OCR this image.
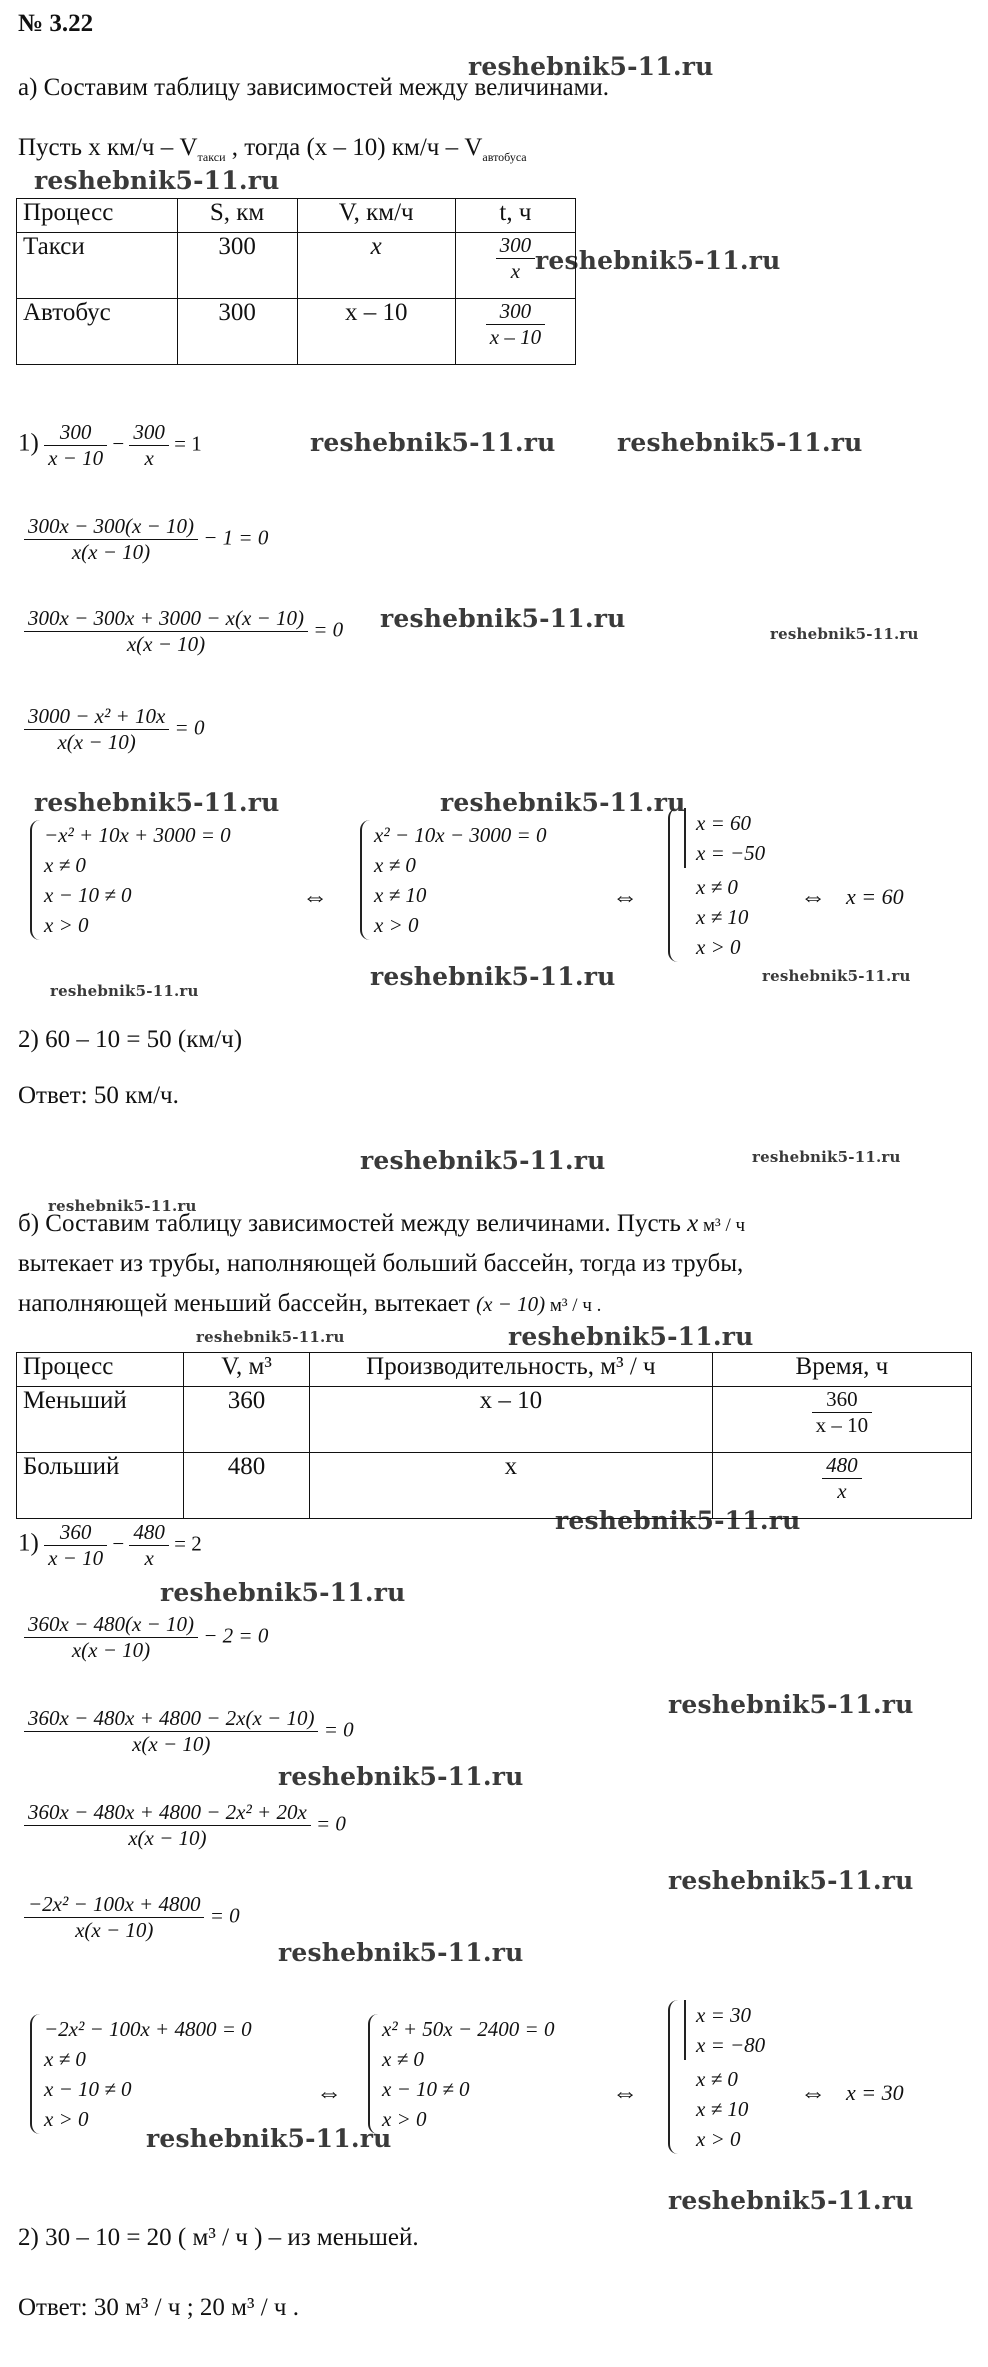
№ 3.22
reshebnik5-11.ru
reshebnik5-11.ru
reshebnik5-11.ru
reshebnik5-11.ru reshebnik5-11.ru
reshebnik5-11.ru
reshebnik5-11.ru
reshebnik5-11.ru	reshebnik5-11.ru
reshebnik5-11.ru	reshebnik5-11.ru	reshebnik5-11.ru
reshebnik5-11.ru	reshebnik5-11.ru
reshebnik5-11.ru
reshebnik5-11.ru	reshebnik5-11.ru
reshebnik5-11.ru
reshebnik5-11.ru
reshebnik5-11.ru
reshebnik5-11.ru
reshebnik5-11.ru
reshebnik5-11.ru
reshebnik5-11.ru
reshebnik5-11.ru
а) Составим таблицу зависимостей между величинами.
Пусть x $км/ч - V_{такси}$ , тогда (x – 10) $км/ч - V_{автобуса}$
Процесс	S, км	V, км/ч	t, ч
Такси	300	x	$\frac{300}{x}$

Автобус	300	x – 10	$\frac{300}{x - 10}$
$1) \frac{300}{x - 10} - \frac{300}{x} = 1$
$\frac{300x - 300(x - 10)}{x(x - 10)} - 1 = 0$
$\frac{300x - 300x + 3000 - x(x - 10)}{x(x - 10)} = 0$
$\frac{\text{3000 − x² + 10x}}{x(x - 10)} = 0$
−x² + 10x + 3000 = 0
x ≠ 0
x − 10 ≠ 0
x > 0
⇔
x² − 10x − 3000 = 0
x ≠ 0
x ≠ 10
x > 0
⇔
x = 60
x = −50
x ≠ 0
x ≠ 10
x > 0
⇔ x = 60
2) 60 – 10 = 50 (км/ч)
Ответ: 50 км/ч.
б) Составим таблицу зависимостей между величинами. Пусть x м³ / ч
вытекает из трубы, наполняющей больший бассейн, тогда из трубы,
наполняющей меньший бассейн, вытекает (x − 10) м³ / ч .
Процесс	V, м³	Производительность, м³ / ч	Время, ч
Меньший	360	x – 10	$\frac{360}{x - 10}$

Больший	480	x	$\frac{480}{x}$
$1) \frac{360}{x - 10} - \frac{480}{x} = 2$
$\frac{360x - 480(x - 10)}{x(x - 10)} - 2 = 0$
$\frac{360x - 480x + 4800 - 2x(x - 10)}{x(x - 10)} = 0$
$\frac{\text{360x − 480x + 4800 − 2x² + 20x}}{x(x - 10)} = 0$
$\frac{\text{−2x² − 100x + 4800}}{x(x - 10)} = 0$
−2x² − 100x + 4800 = 0
x ≠ 0
x − 10 ≠ 0
x > 0
⇔
x² + 50x − 2400 = 0
x ≠ 0
x − 10 ≠ 0
x > 0
⇔
x = 30
x = −80
x ≠ 0
x ≠ 10
x > 0
⇔ x = 30
2) 30 – 10 = 20 ( м³ / ч ) – из меньшей.
Ответ: 30 м³ / ч ; 20 м³ / ч .
